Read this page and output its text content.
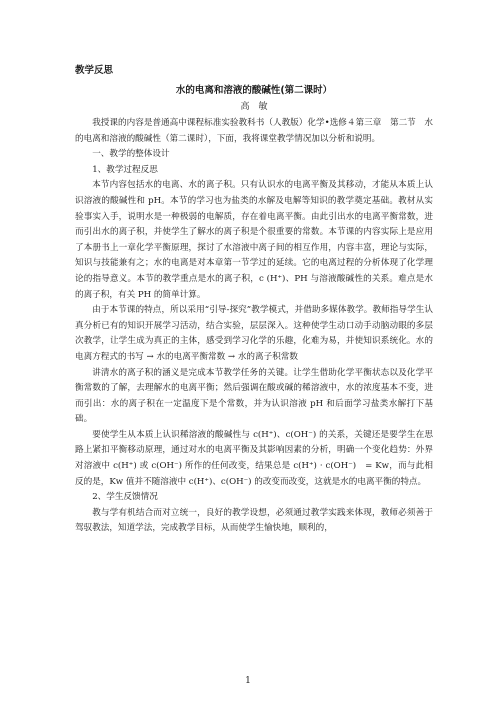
教学反思
水的电离和溶液的酸碱性(第二课时）
高　敏

我授课的内容是普通高中课程标准实验教科书（人教版）化学•选修４第三章　第二节　水的电离和溶液的酸碱性（第二课时），下面，我将课堂教学情况加以分析和说明。

一、教学的整体设计

1、教学过程反思

本节内容包括水的电离、水的离子积。只有认识水的电离平衡及其移动，才能从本质上认识溶液的酸碱性和 pH。本节的学习也为盐类的水解及电解等知识的教学奠定基础。教材从实验事实入手，说明水是一种极弱的电解质，存在着电离平衡。由此引出水的电离平衡常数，进而引出水的离子积，并使学生了解水的离子积是个很重要的常数。本节课的内容实际上是应用了本册书上一章化学平衡原理，探讨了水溶液中离子间的相互作用，内容丰富，理论与实际，知识与技能兼有之；水的电离是对本章第一节学过的延续。它的电离过程的分析体现了化学理论的指导意义。本节的教学重点是水的离子积，c (H⁺)、PH 与溶液酸碱性的关系。难点是水的离子积，有关 PH 的简单计算。

由于本节课的特点，所以采用“引导-探究”教学模式，并借助多媒体教学。教师指导学生认真分析已有的知识开展学习活动，结合实验，层层深入。这种使学生动口动手动脑动眼的多层次教学，让学生成为真正的主体，感受到学习化学的乐趣，化难为易，并使知识系统化。水的电离方程式的书写 → 水的电离平衡常数 → 水的离子积常数

讲清水的离子积的涵义是完成本节教学任务的关键。让学生借助化学平衡状态以及化学平衡常数的了解，去理解水的电离平衡；然后强调在酸或碱的稀溶液中，水的浓度基本不变，进而引出：水的离子积在一定温度下是个常数，并为认识溶液 pH 和后面学习盐类水解打下基础。

要使学生从本质上认识稀溶液的酸碱性与 c(H⁺)、c(OH⁻) 的关系，关键还是要学生在思路上紧扣平衡移动原理，通过对水的电离平衡及其影响因素的分析，明确一个变化趋势：外界对溶液中 c(H⁺) 或 c(OH⁻) 所作的任何改变，结果总是 c(H⁺) · c(OH⁻)　= Kw，而与此相反的是，Kw 值并不随溶液中 c(H⁺)、c(OH⁻) 的改变而改变，这就是水的电离平衡的特点。

2、学生反馈情况

教与学有机结合而对立统一，良好的教学设想，必须通过教学实践来体现，教师必须善于驾驭教法，知道学法，完成教学目标，从而使学生愉快地，顺利的，

1
